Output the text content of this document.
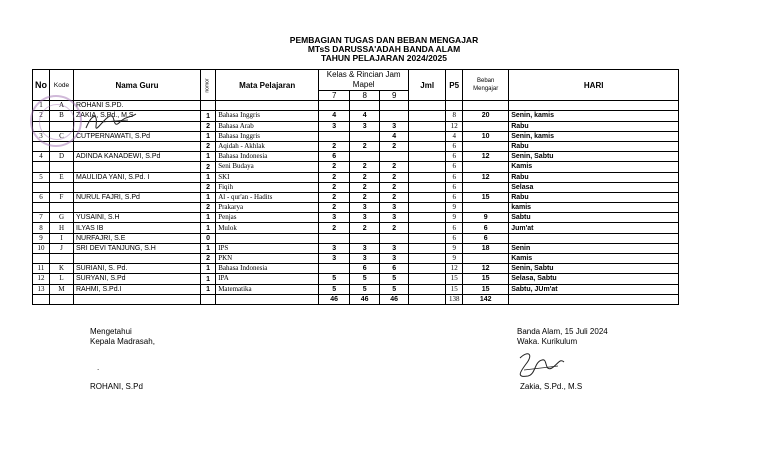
PEMBAGIAN TUGAS DAN BEBAN MENGAJAR
MTsS DARUSSA'ADAH BANDA ALAM
TAHUN PELAJARAN 2024/2025
No	Kode	Nama Guru	nomor	Mata Pelajaran	Kelas & Rincian Jam Mapel			Jml	P5	Beban Mengajar	HARI
					7	8	9				
1	A	ROHANI S.PD.									
2	B	ZAKIA, S.Pd., M.S	1	Bahasa Inggris	4	4			8	20	Senin, kamis
			2	Bahasa Arab	3	3	3		12		Rabu
3	C	CUTPERNAWATI, S.Pd	1	Bahasa Inggris			4		4	10	Senin, kamis
			2	Aqidah - Akhlak	2	2	2		6		Rabu
4	D	ADINDA KANADEWI, S.Pd	1	Bahasa Indonesia	6				6	12	Senin, Sabtu
			2	Seni Budaya	2	2	2		6		Kamis
5	E	MAULIDA YANI, S.Pd. I	1	SKI	2	2	2		6	12	Rabu
			2	Fiqih	2	2	2		6		Selasa
6	F	NURUL FAJRI, S.Pd	1	Al - qur'an - Hadits	2	2	2		6	15	Rabu
			2	Prakarya	2	3	3		9		kamis
7	G	YUSAINI, S.H	1	Penjas	3	3	3		9	9	Sabtu
8	H	ILYAS IB	1	Mulok	2	2	2		6	6	Jum'at
9	I	NURFAJRI, S.E	0						6	6	
10	J	SRI DEVI TANJUNG, S.H	1	IPS	3	3	3		9	18	Senin
			2	PKN	3	3	3		9		Kamis
11	K	SURIANI, S. Pd.	1	Bahasa Indonesia		6	6		12	12	Senin, Sabtu
12	L	SURYANI, S.Pd	1	IPA	5	5	5		15	15	Selasa, Sabtu
13	M	RAHMI, S.Pd.I	1	Matematika	5	5	5		15	15	Sabtu, JUm'at
					46	46	46		138	142	
Mengetahui
Kepala Madrasah,
.
ROHANI, S.Pd
Banda Alam, 15 Juli 2024
Waka. Kurikulum
Zakia, S.Pd., M.S
